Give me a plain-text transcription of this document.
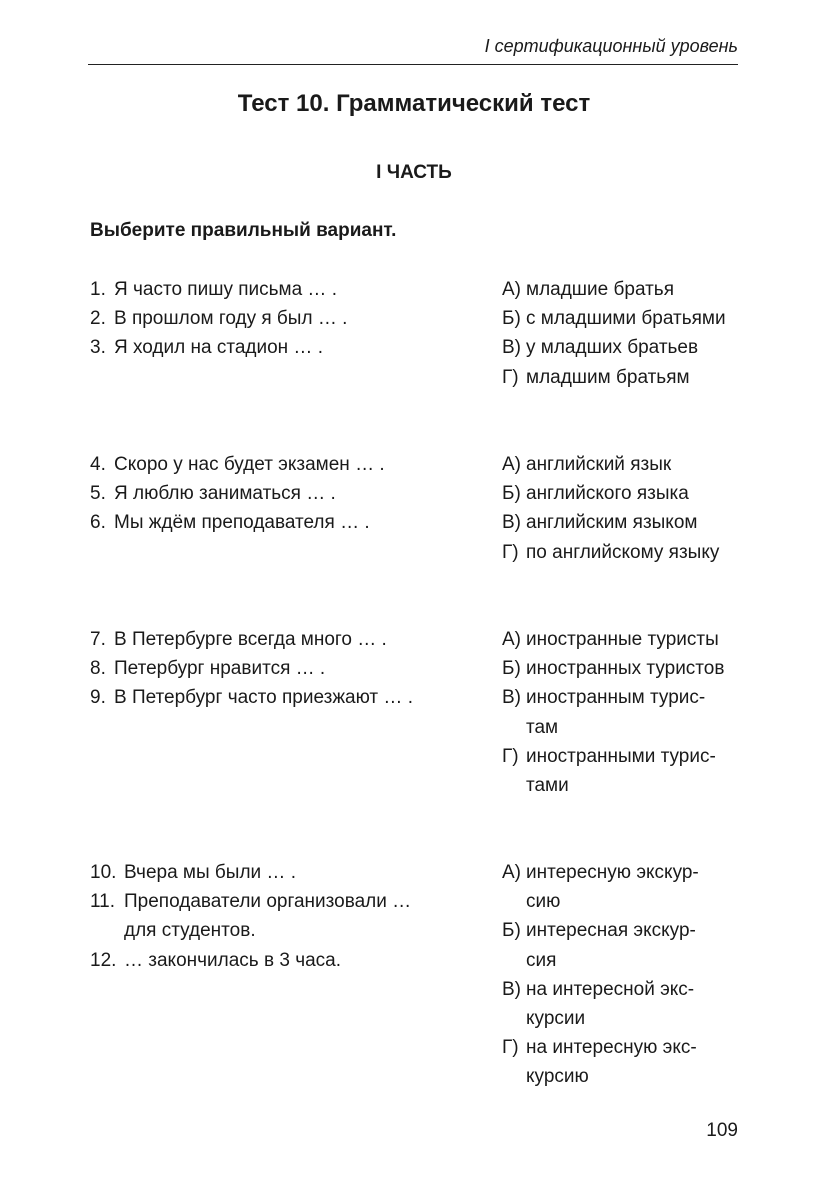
I сертификационный уровень
Тест 10. Грамматический тест
I ЧАСТЬ
Выберите правильный вариант.
1. Я часто пишу письма … .
2. В прошлом году я был … .
3. Я ходил на стадион … .
А) младшие братья
Б) с младшими братьями
В) у младших братьев
Г) младшим братьям
4. Скоро у нас будет экзамен … .
5. Я люблю заниматься … .
6. Мы ждём преподавателя … .
А) английский язык
Б) английского языка
В) английским языком
Г) по английскому языку
7. В Петербурге всегда много … .
8. Петербург нравится … .
9. В Петербург часто приезжают … .
А) иностранные туристы
Б) иностранных туристов
В) иностранным турис-
там
Г) иностранными турис-
тами
10. Вчера мы были … .
11. Преподаватели организовали …
для студентов.
12. … закончилась в 3 часа.
А) интересную экскур-
сию
Б) интересная экскур-
сия
В) на интересной экс-
курсии
Г) на интересную экс-
курсию
109
